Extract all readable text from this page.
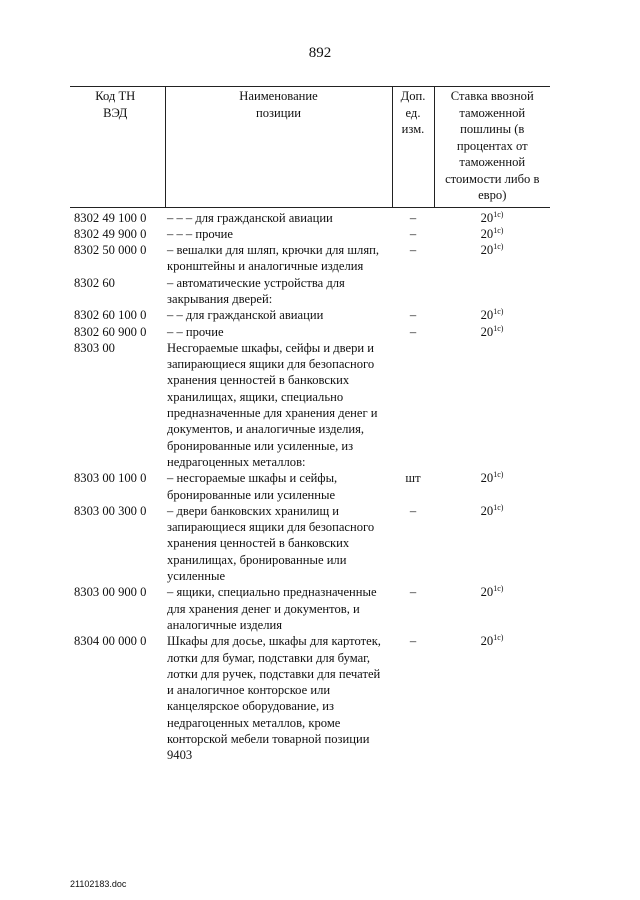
892
Код ТН ВЭД	Наименование позиции	Доп. ед. изм.	Ставка ввозной таможенной пошлины (в процентах от таможенной стоимости либо в евро)
8302 49 100 0	– – – для гражданской авиации	–	$20^{1c)}$
8302 49 900 0	– – – прочие	–	$20^{1c)}$
8302 50 000 0	– вешалки для шляп, крючки для шляп, кронштейны и аналогичные изделия	–	$20^{1c)}$
8302 60	– автоматические устройства для закрывания дверей:		
8302 60 100 0	– – для гражданской авиации	–	$20^{1c)}$
8302 60 900 0	– – прочие	–	$20^{1c)}$
8303 00	Несгораемые шкафы, сейфы и двери и запирающиеся ящики для безопасного хранения ценностей в банковских хранилищах, ящики, специально предназначенные для хранения денег и документов, и аналогичные изделия, бронированные или усиленные, из недрагоценных металлов:		
8303 00 100 0	– несгораемые шкафы и сейфы, бронированные или усиленные	шт	$20^{1c)}$
8303 00 300 0	– двери банковских хранилищ и запирающиеся ящики для безопасного хранения ценностей в банковских хранилищах, бронированные или усиленные	–	$20^{1c)}$
8303 00 900 0	– ящики, специально предназначенные для хранения денег и документов, и аналогичные изделия	–	$20^{1c)}$
8304 00 000 0	Шкафы для досье, шкафы для картотек, лотки для бумаг, подставки для бумаг, лотки для ручек, подставки для печатей и аналогичное конторское или канцелярское оборудование, из недрагоценных металлов, кроме конторской мебели товарной позиции 9403	–	$20^{1c)}$
21102183.doc
